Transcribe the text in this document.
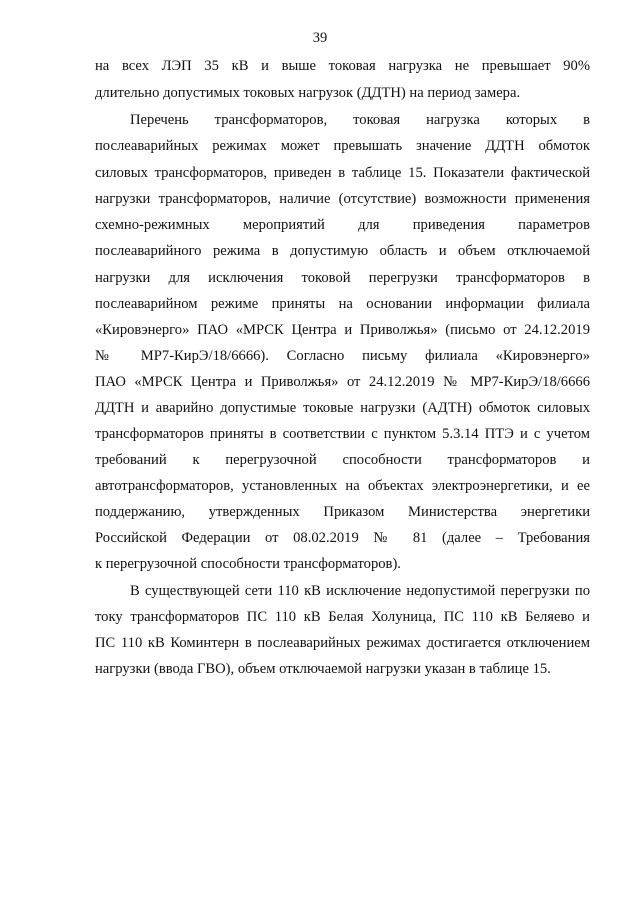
39
на всех ЛЭП 35 кВ и выше токовая нагрузка не превышает 90%
длительно допустимых токовых нагрузок (ДДТН) на период замера.
Перечень трансформаторов, токовая нагрузка которых в
послеаварийных режимах может превышать значение ДДТН обмоток
силовых трансформаторов, приведен в таблице 15. Показатели фактической
нагрузки трансформаторов, наличие (отсутствие) возможности применения
схемно-режимных мероприятий для приведения параметров
послеаварийного режима в допустимую область и объем отключаемой
нагрузки для исключения токовой перегрузки трансформаторов в
послеаварийном режиме приняты на основании информации филиала
«Кировэнерго» ПАО «МРСК Центра и Приволжья» (письмо от 24.12.2019
№ МР7-КирЭ/18/6666). Согласно письму филиала «Кировэнерго»
ПАО «МРСК Центра и Приволжья» от 24.12.2019 № МР7-КирЭ/18/6666
ДДТН и аварийно допустимые токовые нагрузки (АДТН) обмоток силовых
трансформаторов приняты в соответствии с пунктом 5.3.14 ПТЭ и с учетом
требований к перегрузочной способности трансформаторов и
автотрансформаторов, установленных на объектах электроэнергетики, и ее
поддержанию, утвержденных Приказом Министерства энергетики
Российской Федерации от 08.02.2019 № 81 (далее – Требования
к перегрузочной способности трансформаторов).
В существующей сети 110 кВ исключение недопустимой перегрузки по
току трансформаторов ПС 110 кВ Белая Холуница, ПС 110 кВ Беляево и
ПС 110 кВ Коминтерн в послеаварийных режимах достигается отключением
нагрузки (ввода ГВО), объем отключаемой нагрузки указан в таблице 15.
